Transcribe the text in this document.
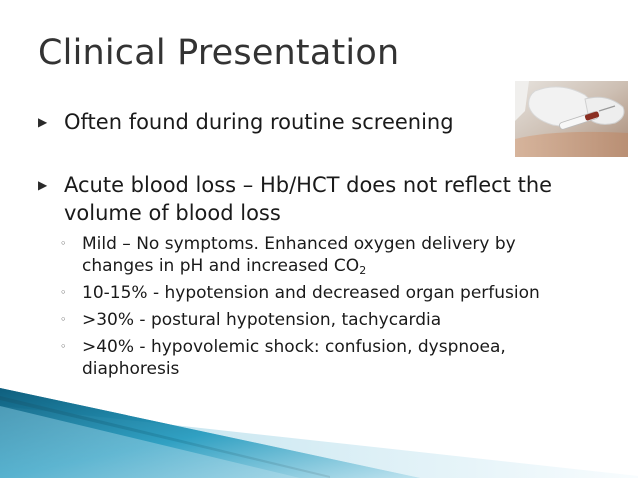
Clinical Presentation
▶ Often found during routine screening
▶ Acute blood loss – Hb/HCT does not reflect the volume of blood loss
◦ Mild – No symptoms. Enhanced oxygen delivery by changes in pH and increased $CO_2$
◦ 10-15% - hypotension and decreased organ perfusion
◦ >30% - postural hypotension, tachycardia
◦ >40% - hypovolemic shock: confusion, dyspnoea, diaphoresis
